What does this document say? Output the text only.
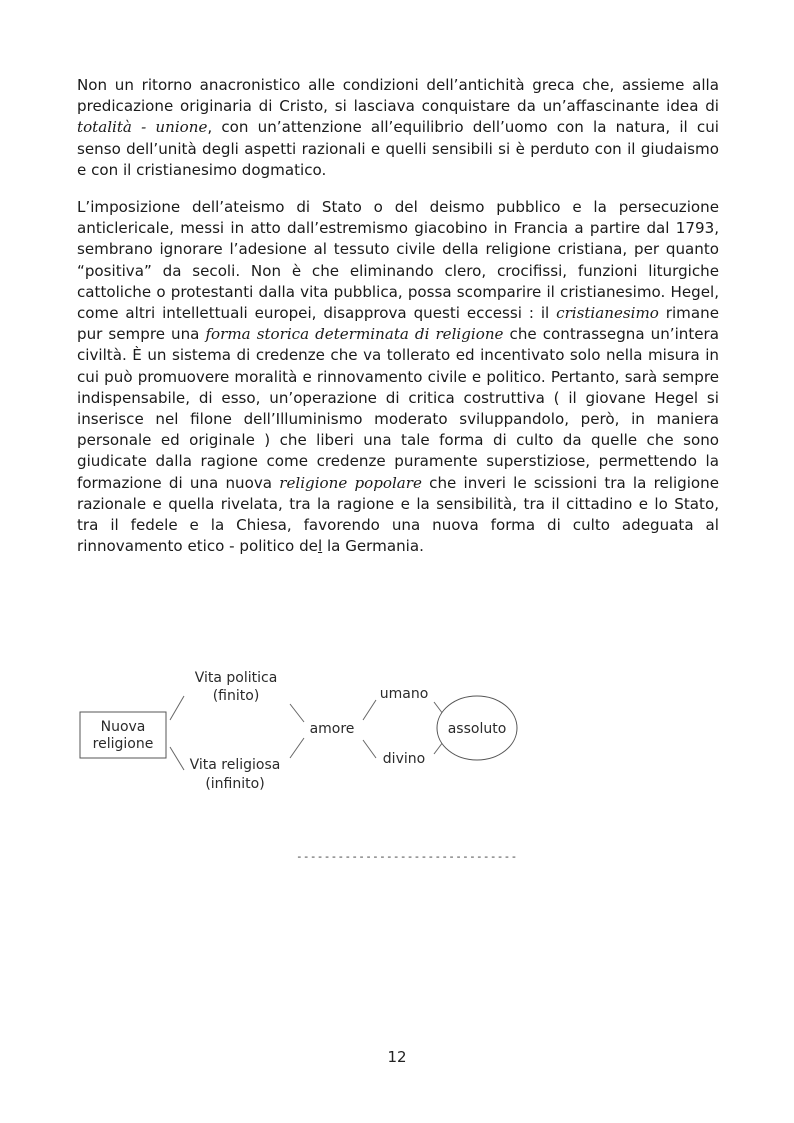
Non un ritorno anacronistico alle condizioni dell’antichità greca che, assieme alla predicazione originaria di Cristo, si lasciava conquistare da un’affascinante idea di totalità - unione, con un’attenzione all’equilibrio dell’uomo con la natura, il cui senso dell’unità degli aspetti razionali e quelli sensibili si è perduto con il giudaismo e con il cristianesimo dogmatico.

L’imposizione dell’ateismo di Stato o del deismo pubblico e la persecuzione anticlericale, messi in atto dall’estremismo giacobino in Francia a partire dal 1793, sembrano ignorare l’adesione al tessuto civile della religione cristiana, per quanto “positiva” da secoli. Non è che eliminando clero, crocifissi, funzioni liturgiche cattoliche o protestanti dalla vita pubblica, possa scomparire il cristianesimo. Hegel, come altri intellettuali europei, disapprova questi eccessi : il cristianesimo rimane pur sempre una forma storica determinata di religione che contrassegna un’intera civiltà. È un sistema di credenze che va tollerato ed incentivato solo nella misura in cui può promuovere moralità e rinnovamento civile e politico. Pertanto, sarà sempre indispensabile, di esso, un’operazione di critica costruttiva ( il giovane Hegel si inserisce nel filone dell’Illuminismo moderato sviluppandolo, però, in maniera personale ed originale ) che liberi una tale forma di culto da quelle che sono giudicate dalla ragione come credenze puramente superstiziose, permettendo la formazione di una nuova religione popolare che inveri le scissioni tra la religione razionale e quella rivelata, tra la ragione e la sensibilità, tra il cittadino e lo Stato, tra il fedele e la Chiesa, favorendo una nuova forma di culto adeguata al rinnovamento etico - politico del la Germania.

Nuova
religione
Vita politica
(finito)
Vita religiosa
(infinito)
amore
umano
divino
assoluto
--------------------------------
12
